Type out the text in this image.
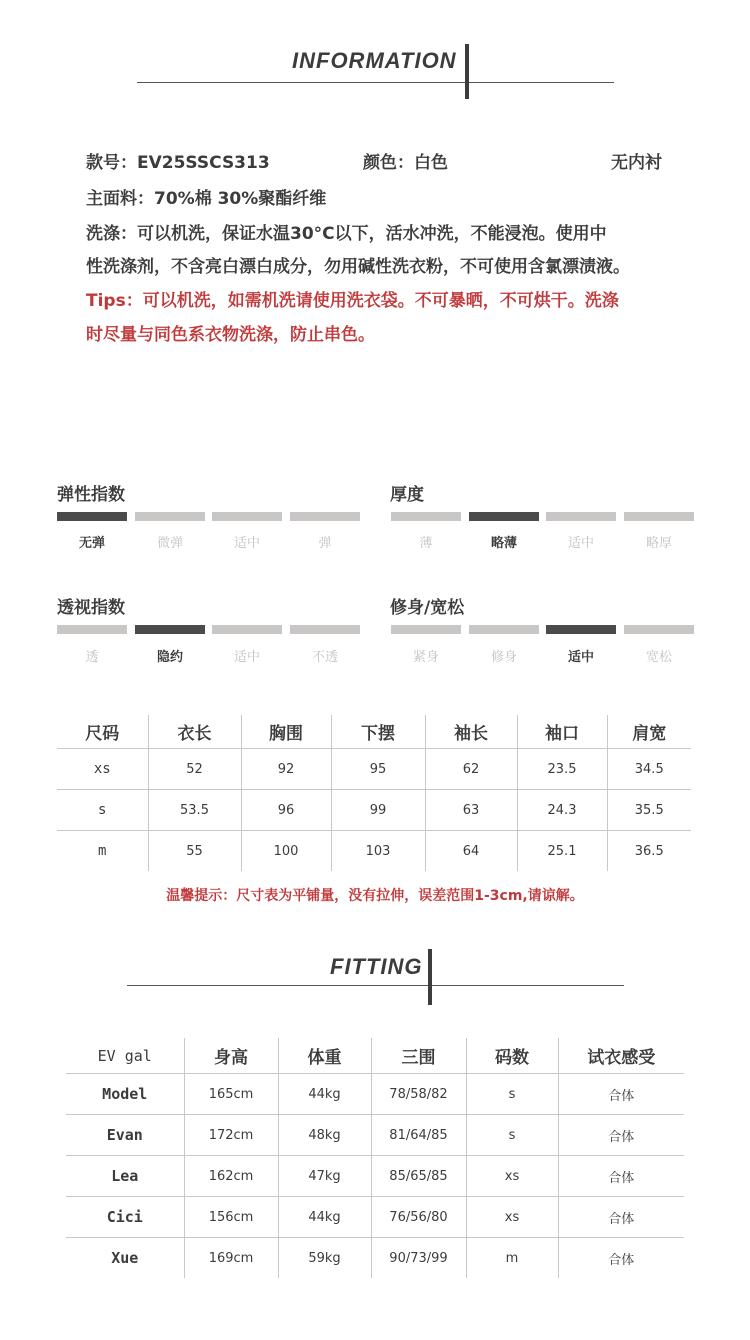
INFORMATION
款号：EV25SSCS313	颜色：白色	无内衬
主面料：70%棉 30%聚酯纤维
洗涤：可以机洗，保证水温30°C以下，活水冲洗，不能浸泡。使用中
性洗涤剂，不含亮白漂白成分，勿用碱性洗衣粉，不可使用含氯漂渍液。
Tips：可以机洗，如需机洗请使用洗衣袋。不可暴晒，不可烘干。洗涤
时尽量与同色系衣物洗涤，防止串色。
弹性指数
无弹	微弹	适中	弹
厚度
薄	略薄	适中	略厚
透视指数
透	隐约	适中	不透
修身/宽松
紧身	修身	适中	宽松
尺码	衣长	胸围	下摆	袖长	袖口	肩宽
xs	52	92	95	62	23.5	34.5
s	53.5	96	99	63	24.3	35.5
m	55	100	103	64	25.1	36.5
温馨提示：尺寸表为平铺量，没有拉伸，误差范围1-3cm,请谅解。
FITTING
EV gal	身高	体重	三围	码数	试衣感受
Model	165cm	44kg	78/58/82	s	合体
Evan	172cm	48kg	81/64/85	s	合体
Lea	162cm	47kg	85/65/85	xs	合体
Cici	156cm	44kg	76/56/80	xs	合体
Xue	169cm	59kg	90/73/99	m	合体
